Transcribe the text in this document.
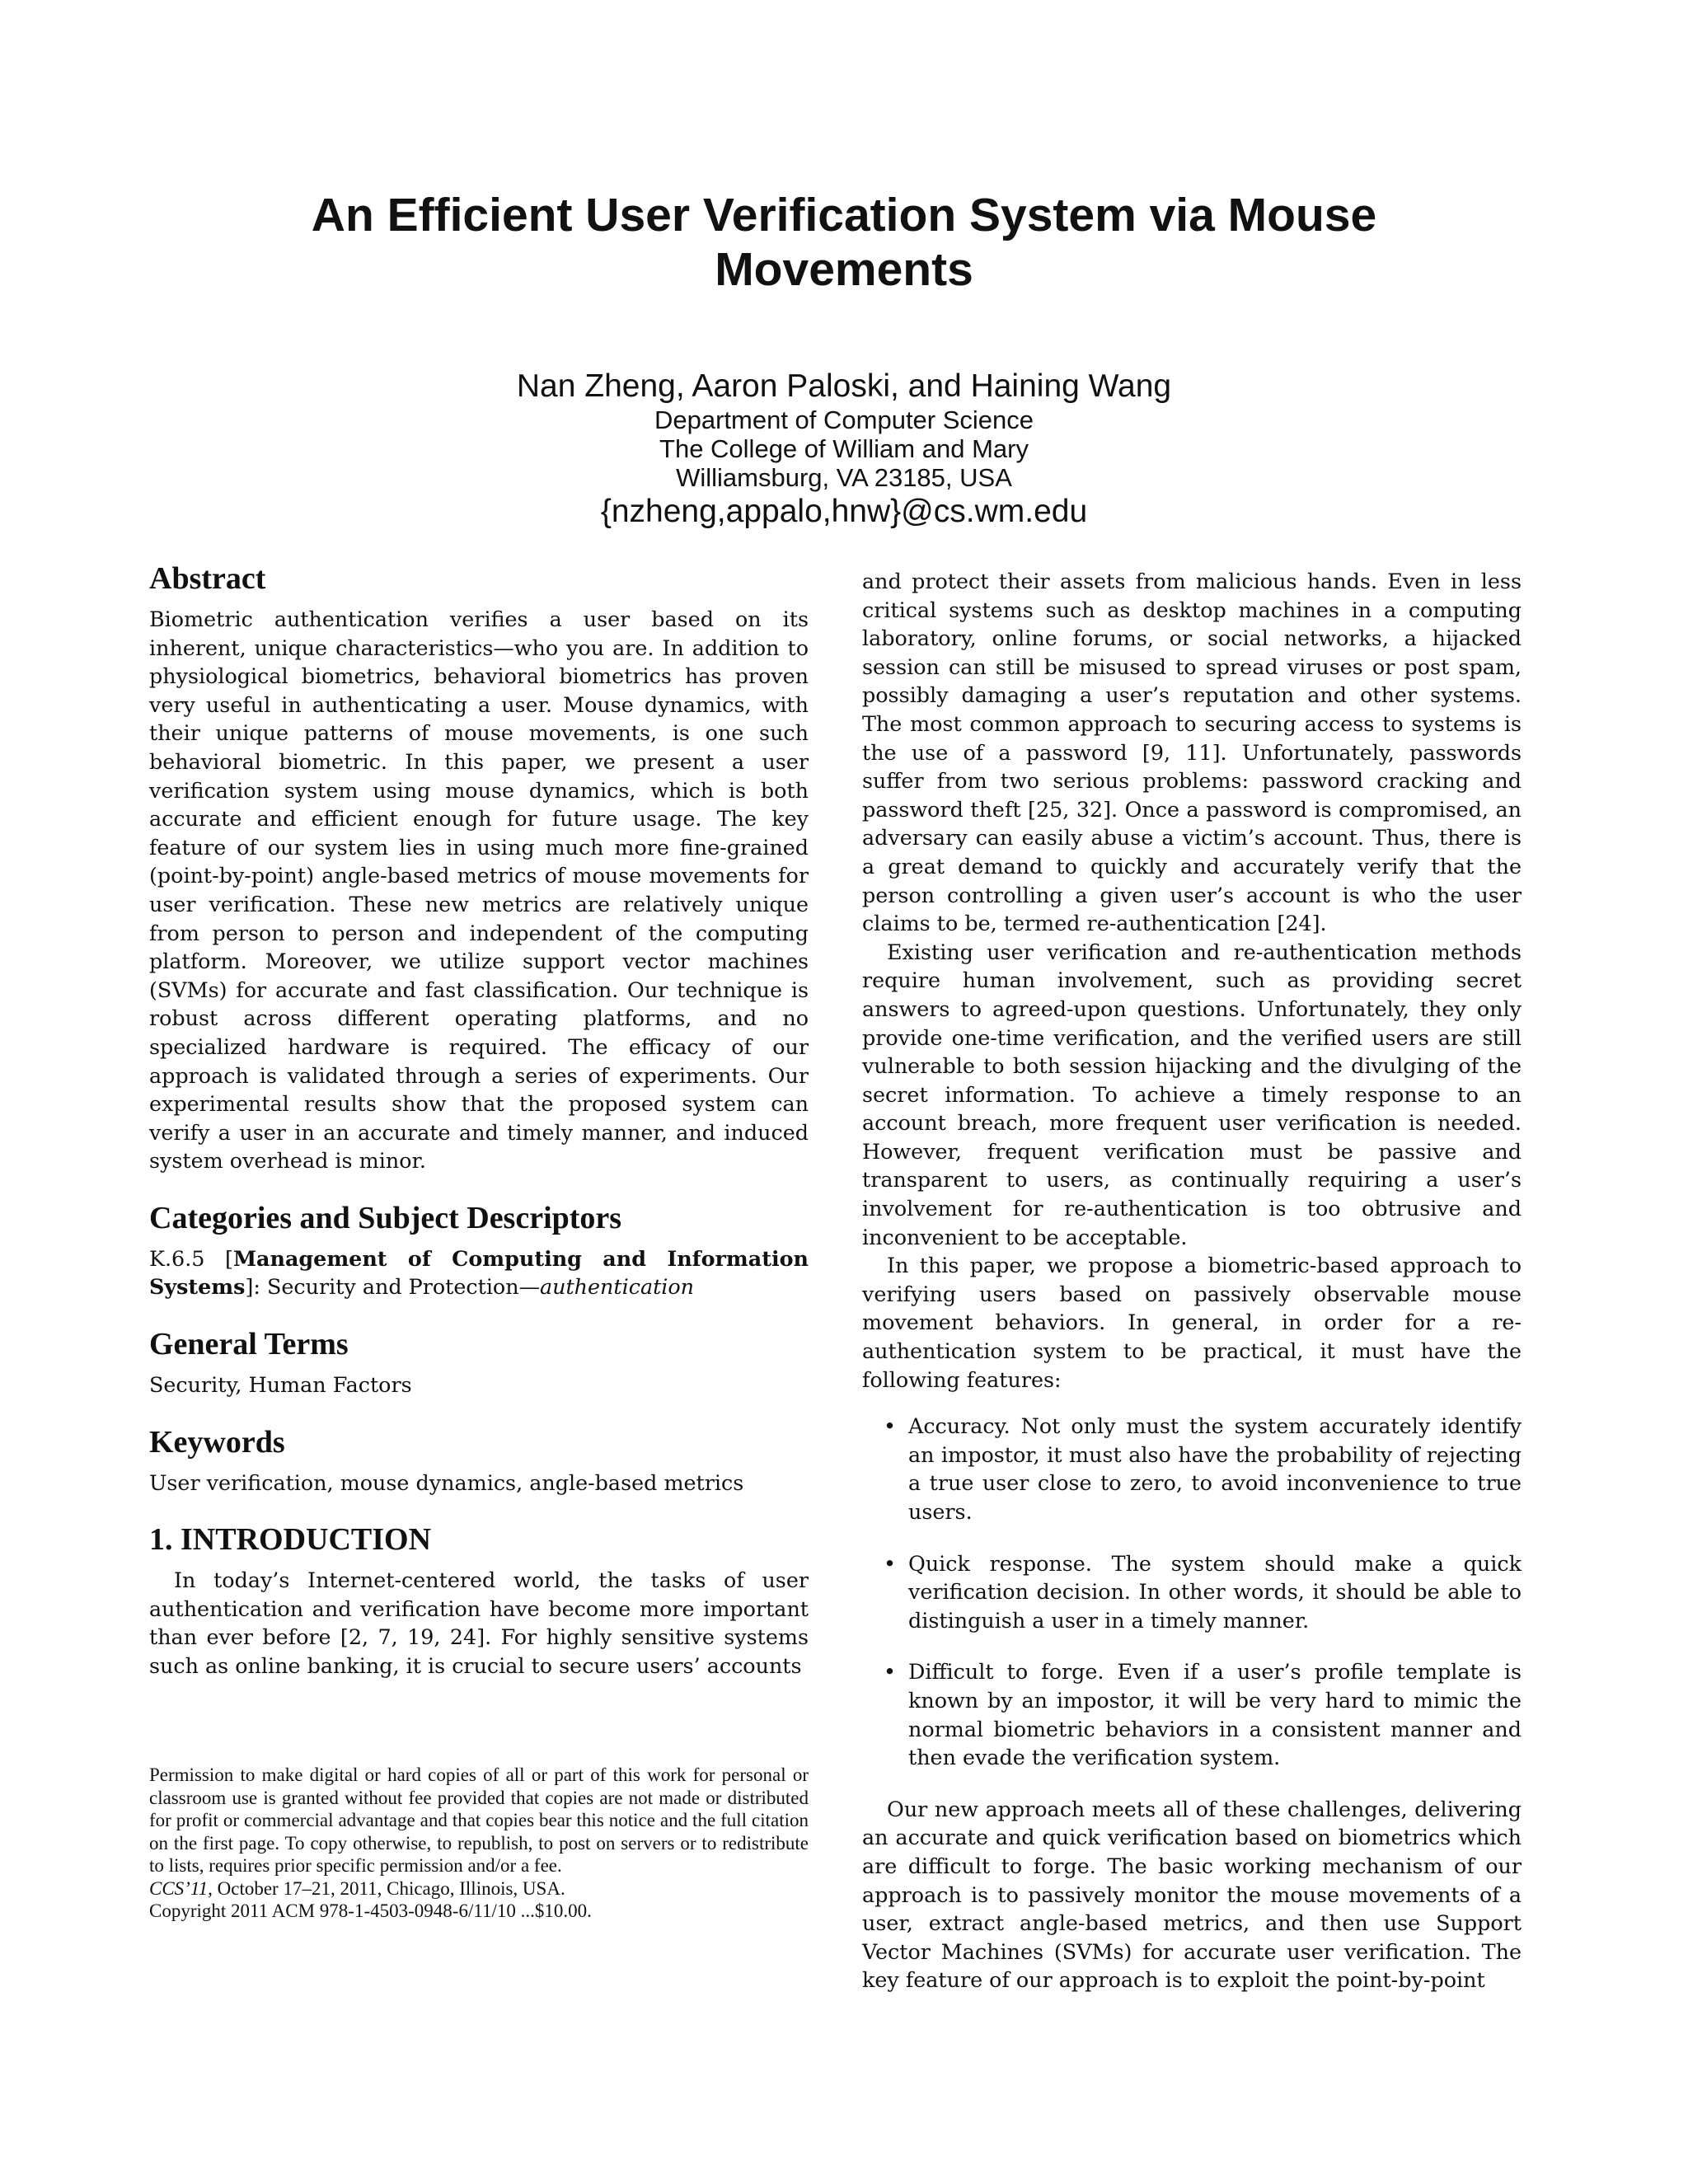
An Efficient User Verification System via Mouse Movements
Nan Zheng, Aaron Paloski, and Haining Wang
Department of Computer Science
The College of William and Mary
Williamsburg, VA 23185, USA
{nzheng,appalo,hnw}@cs.wm.edu
Abstract

Biometric authentication verifies a user based on its inherent, unique characteristics—who you are. In addition to physiological biometrics, behavioral biometrics has proven very useful in authenticating a user. Mouse dynamics, with their unique patterns of mouse movements, is one such behavioral biometric. In this paper, we present a user verification system using mouse dynamics, which is both accurate and efficient enough for future usage. The key feature of our system lies in using much more fine-grained (point-by-point) angle-based metrics of mouse movements for user verification. These new metrics are relatively unique from person to person and independent of the computing platform. Moreover, we utilize support vector machines (SVMs) for accurate and fast classification. Our technique is robust across different operating platforms, and no specialized hardware is required. The efficacy of our approach is validated through a series of experiments. Our experimental results show that the proposed system can verify a user in an accurate and timely manner, and induced system overhead is minor.

Categories and Subject Descriptors

K.6.5 [Management of Computing and Information Systems]: Security and Protection—authentication

General Terms

Security, Human Factors

Keywords

User verification, mouse dynamics, angle-based metrics

1. INTRODUCTION

In today’s Internet-centered world, the tasks of user authentication and verification have become more important than ever before [2, 7, 19, 24]. For highly sensitive systems such as online banking, it is crucial to secure users’ accounts

Permission to make digital or hard copies of all or part of this work for personal or classroom use is granted without fee provided that copies are not made or distributed for profit or commercial advantage and that copies bear this notice and the full citation on the first page. To copy otherwise, to republish, to post on servers or to redistribute to lists, requires prior specific permission and/or a fee.

CCS’11, October 17–21, 2011, Chicago, Illinois, USA.

Copyright 2011 ACM 978-1-4503-0948-6/11/10 ...$10.00.

and protect their assets from malicious hands. Even in less critical systems such as desktop machines in a computing laboratory, online forums, or social networks, a hijacked session can still be misused to spread viruses or post spam, possibly damaging a user’s reputation and other systems. The most common approach to securing access to systems is the use of a password [9, 11]. Unfortunately, passwords suffer from two serious problems: password cracking and password theft [25, 32]. Once a password is compromised, an adversary can easily abuse a victim’s account. Thus, there is a great demand to quickly and accurately verify that the person controlling a given user’s account is who the user claims to be, termed re-authentication [24].

Existing user verification and re-authentication methods require human involvement, such as providing secret answers to agreed-upon questions. Unfortunately, they only provide one-time verification, and the verified users are still vulnerable to both session hijacking and the divulging of the secret information. To achieve a timely response to an account breach, more frequent user verification is needed. However, frequent verification must be passive and transparent to users, as continually requiring a user’s involvement for re-authentication is too obtrusive and inconvenient to be acceptable.

In this paper, we propose a biometric-based approach to verifying users based on passively observable mouse movement behaviors. In general, in order for a re-authentication system to be practical, it must have the following features:

• Accuracy. Not only must the system accurately identify an impostor, it must also have the probability of rejecting a true user close to zero, to avoid inconvenience to true users.
• Quick response. The system should make a quick verification decision. In other words, it should be able to distinguish a user in a timely manner.
• Difficult to forge. Even if a user’s profile template is known by an impostor, it will be very hard to mimic the normal biometric behaviors in a consistent manner and then evade the verification system.

Our new approach meets all of these challenges, delivering an accurate and quick verification based on biometrics which are difficult to forge. The basic working mechanism of our approach is to passively monitor the mouse movements of a user, extract angle-based metrics, and then use Support Vector Machines (SVMs) for accurate user verification. The key feature of our approach is to exploit the point-by-point
